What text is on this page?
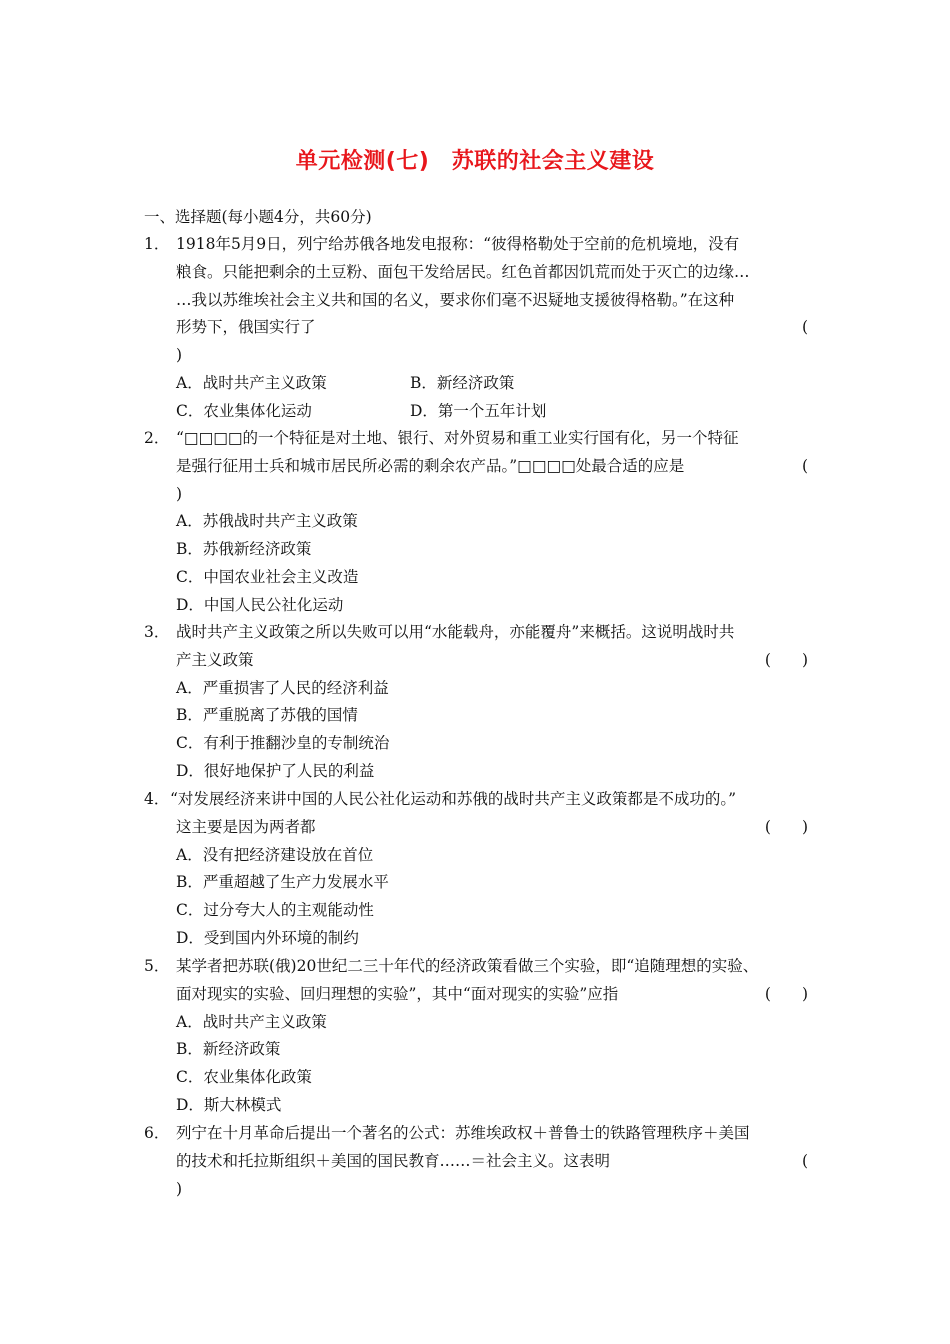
单元检测(七)　苏联的社会主义建设
一、选择题(每小题4分，共60分)
1． 1918年5月9日，列宁给苏俄各地发电报称：“彼得格勒处于空前的危机境地，没有
粮食。只能把剩余的土豆粉、面包干发给居民。红色首都因饥荒而处于灭亡的边缘…
…我以苏维埃社会主义共和国的名义，要求你们毫不迟疑地支援彼得格勒。”在这种
形势下，俄国实行了	(
)
A．战时共产主义政策	B．新经济政策
C．农业集体化运动	D．第一个五年计划
2． “□□□□的一个特征是对土地、银行、对外贸易和重工业实行国有化，另一个特征
是强行征用士兵和城市居民所必需的剩余农产品。”□□□□处最合适的应是	(
)
A．苏俄战时共产主义政策
B．苏俄新经济政策
C．中国农业社会主义改造
D．中国人民公社化运动
3． 战时共产主义政策之所以失败可以用“水能载舟，亦能覆舟”来概括。这说明战时共
产主义政策	(　　)
A．严重损害了人民的经济利益
B．严重脱离了苏俄的国情
C．有利于推翻沙皇的专制统治
D．很好地保护了人民的利益
4． “对发展经济来讲中国的人民公社化运动和苏俄的战时共产主义政策都是不成功的。”
这主要是因为两者都	(　　)
A．没有把经济建设放在首位
B．严重超越了生产力发展水平
C．过分夸大人的主观能动性
D．受到国内外环境的制约
5． 某学者把苏联(俄)20世纪二三十年代的经济政策看做三个实验，即“追随理想的实验、
面对现实的实验、回归理想的实验”，其中“面对现实的实验”应指	(　　)
A．战时共产主义政策
B．新经济政策
C．农业集体化政策
D．斯大林模式
6． 列宁在十月革命后提出一个著名的公式：苏维埃政权＋普鲁士的铁路管理秩序＋美国
的技术和托拉斯组织＋美国的国民教育……＝社会主义。这表明	(
)
